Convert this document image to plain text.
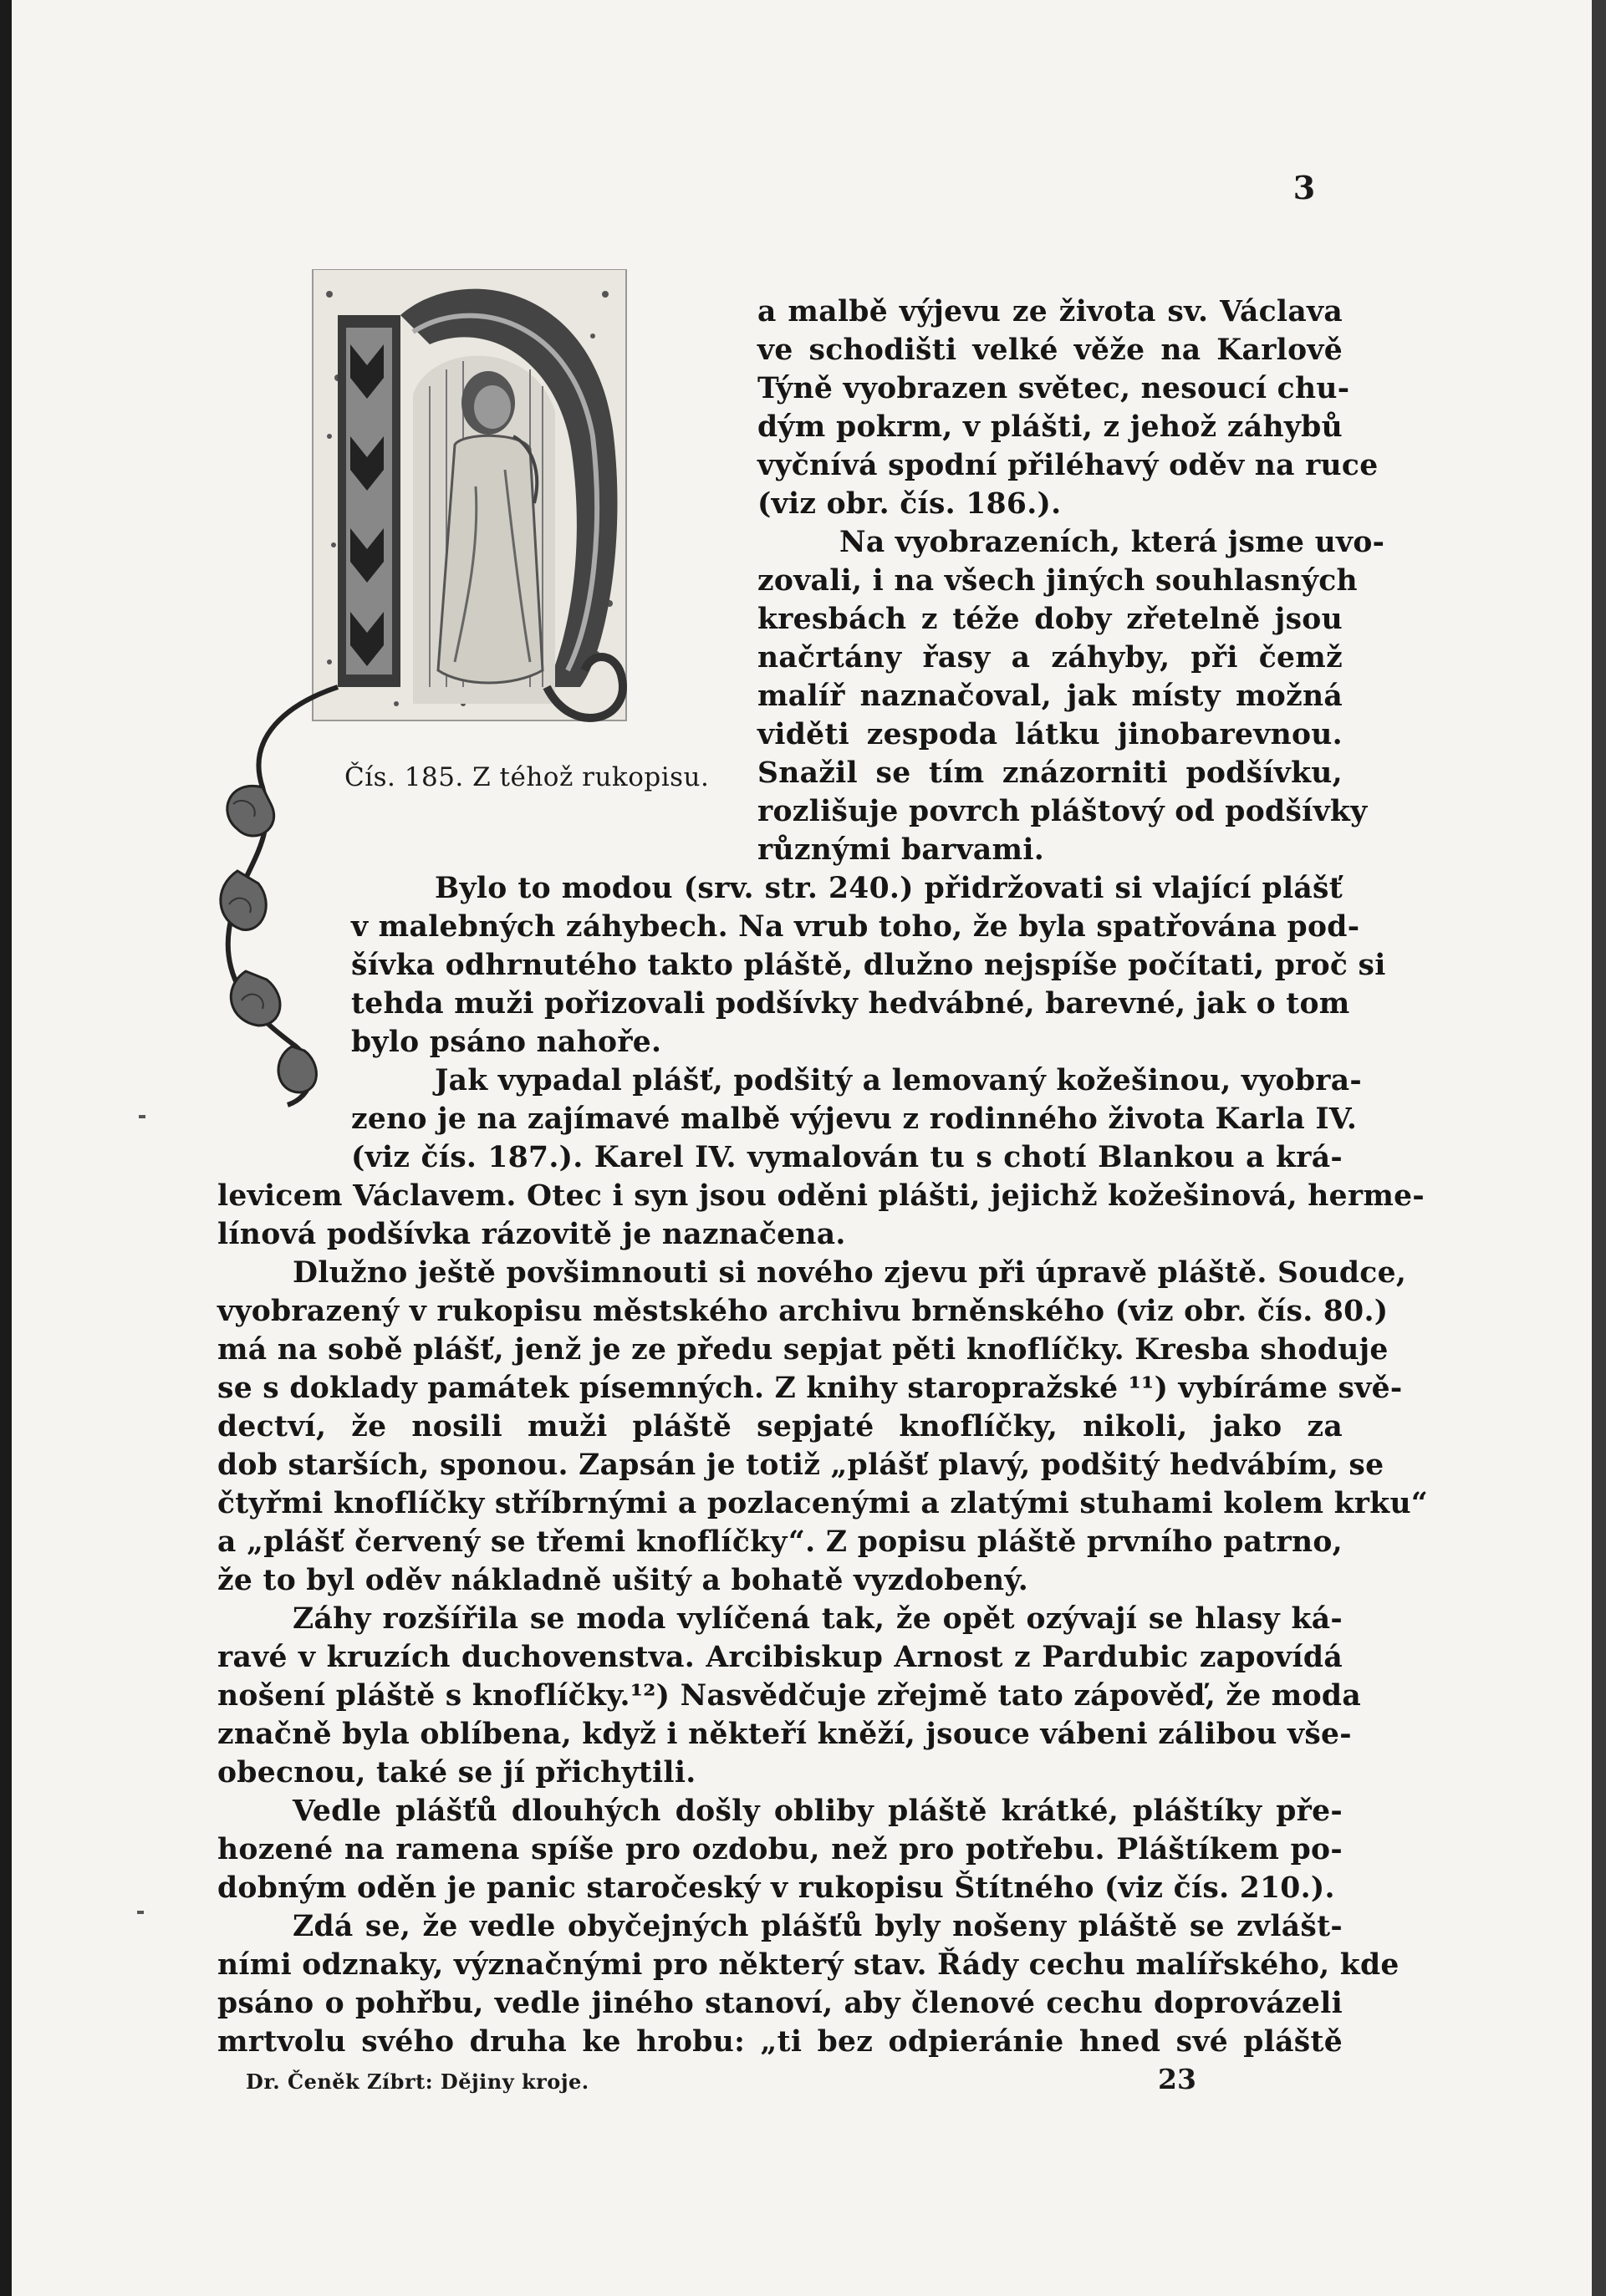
3
Čís. 185. Z téhož rukopisu.
a malbě výjevu ze života sv. Václava
ve schodišti velké věže na Karlově
Týně vyobrazen světec, nesoucí chu-
dým pokrm, v plášti, z jehož záhybů
vyčnívá spodní přiléhavý oděv na ruce
(viz obr. čís. 186.).
Na vyobrazeních, která jsme uvo-
zovali, i na všech jiných souhlasných
kresbách z téže doby zřetelně jsou
načrtány řasy a záhyby, při čemž
malíř naznačoval, jak místy možná
viděti zespoda látku jinobarevnou.
Snažil se tím znázorniti podšívku,
rozlišuje povrch pláštový od podšívky
různými barvami.
Bylo to modou (srv. str. 240.) přidržovati si vlající plášť
v malebných záhybech. Na vrub toho, že byla spatřována pod-
šívka odhrnutého takto pláště, dlužno nejspíše počítati, proč si
tehda muži pořizovali podšívky hedvábné, barevné, jak o tom
bylo psáno nahoře.
Jak vypadal plášť, podšitý a lemovaný kožešinou, vyobra-
zeno je na zajímavé malbě výjevu z rodinného života Karla IV.
(viz čís. 187.). Karel IV. vymalován tu s chotí Blankou a krá-
levicem Václavem. Otec i syn jsou oděni plášti, jejichž kožešinová, hermе-
línová podšívka rázovitě je naznačena.
Dlužno ještě povšimnouti si nového zjevu při úpravě pláště. Soudce,
vyobrazený v rukopisu městského archivu brněnského (viz obr. čís. 80.)
má na sobě plášť, jenž je ze předu sepjat pěti knoflíčky. Kresba shoduje
se s doklady památek písemných. Z knihy staropražské ¹¹) vybíráme svě-
dectví, že nosili muži pláště sepjaté knoflíčky, nikoli, jako za
dob starších, sponou. Zapsán je totiž „plášť plavý, podšitý hedvábím, se
čtyřmi knoflíčky stříbrnými a pozlacenými a zlatými stuhami kolem krku“
a „plášť červený se třemi knoflíčky“. Z popisu pláště prvního patrno,
že to byl oděv nákladně ušitý a bohatě vyzdobený.
Záhy rozšířila se moda vylíčená tak, že opět ozývají se hlasy ká-
ravé v kruzích duchovenstva. Arcibiskup Arnost z Pardubic zapovídá
nošení pláště s knoflíčky.¹²) Nasvědčuje zřejmě tato zápověď, že moda
značně byla oblíbena, když i někteří kněží, jsouce vábeni zálibou vše-
obecnou, také se jí přichytili.
Vedle plášťů dlouhých došly obliby pláště krátké, pláštíky pře-
hozené na ramena spíše pro ozdobu, než pro potřebu. Pláštíkem po-
dobným oděn je panic staročeský v rukopisu Štítného (viz čís. 210.).
Zdá se, že vedle obyčejných plášťů byly nošeny pláště se zvlášt-
ními odznaky, význačnými pro některý stav. Řády cechu malířského, kde
psáno o pohřbu, vedle jiného stanoví, aby členové cechu doprovázeli
mrtvolu svého druha ke hrobu: „ti bez odpieránie hned své pláště
Dr. Čeněk Zíbrt: Dějiny kroje.	23
